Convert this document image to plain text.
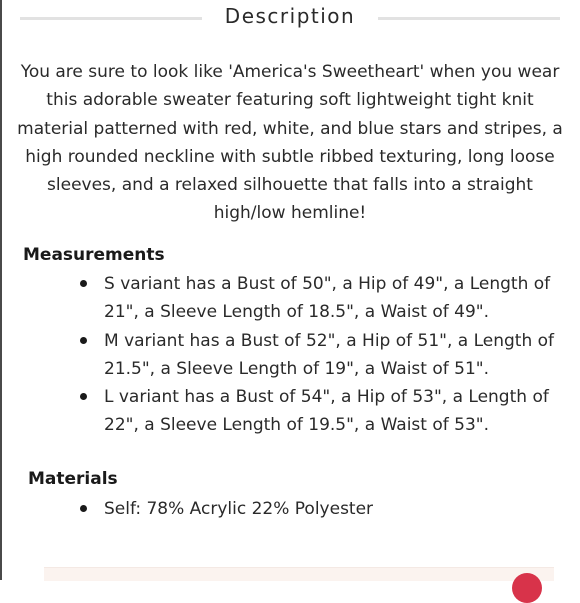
Description

You are sure to look like 'America's Sweetheart' when you wear this adorable sweater featuring soft lightweight tight knit material patterned with red, white, and blue stars and stripes, a high rounded neckline with subtle ribbed texturing, long loose sleeves, and a relaxed silhouette that falls into a straight high/low hemline!

Measurements
S variant has a Bust of 50", a Hip of 49", a Length of 21", a Sleeve Length of 18.5", a Waist of 49".
M variant has a Bust of 52", a Hip of 51", a Length of 21.5", a Sleeve Length of 19", a Waist of 51".
L variant has a Bust of 54", a Hip of 53", a Length of 22", a Sleeve Length of 19.5", a Waist of 53".
Materials
Self: 78% Acrylic 22% Polyester
